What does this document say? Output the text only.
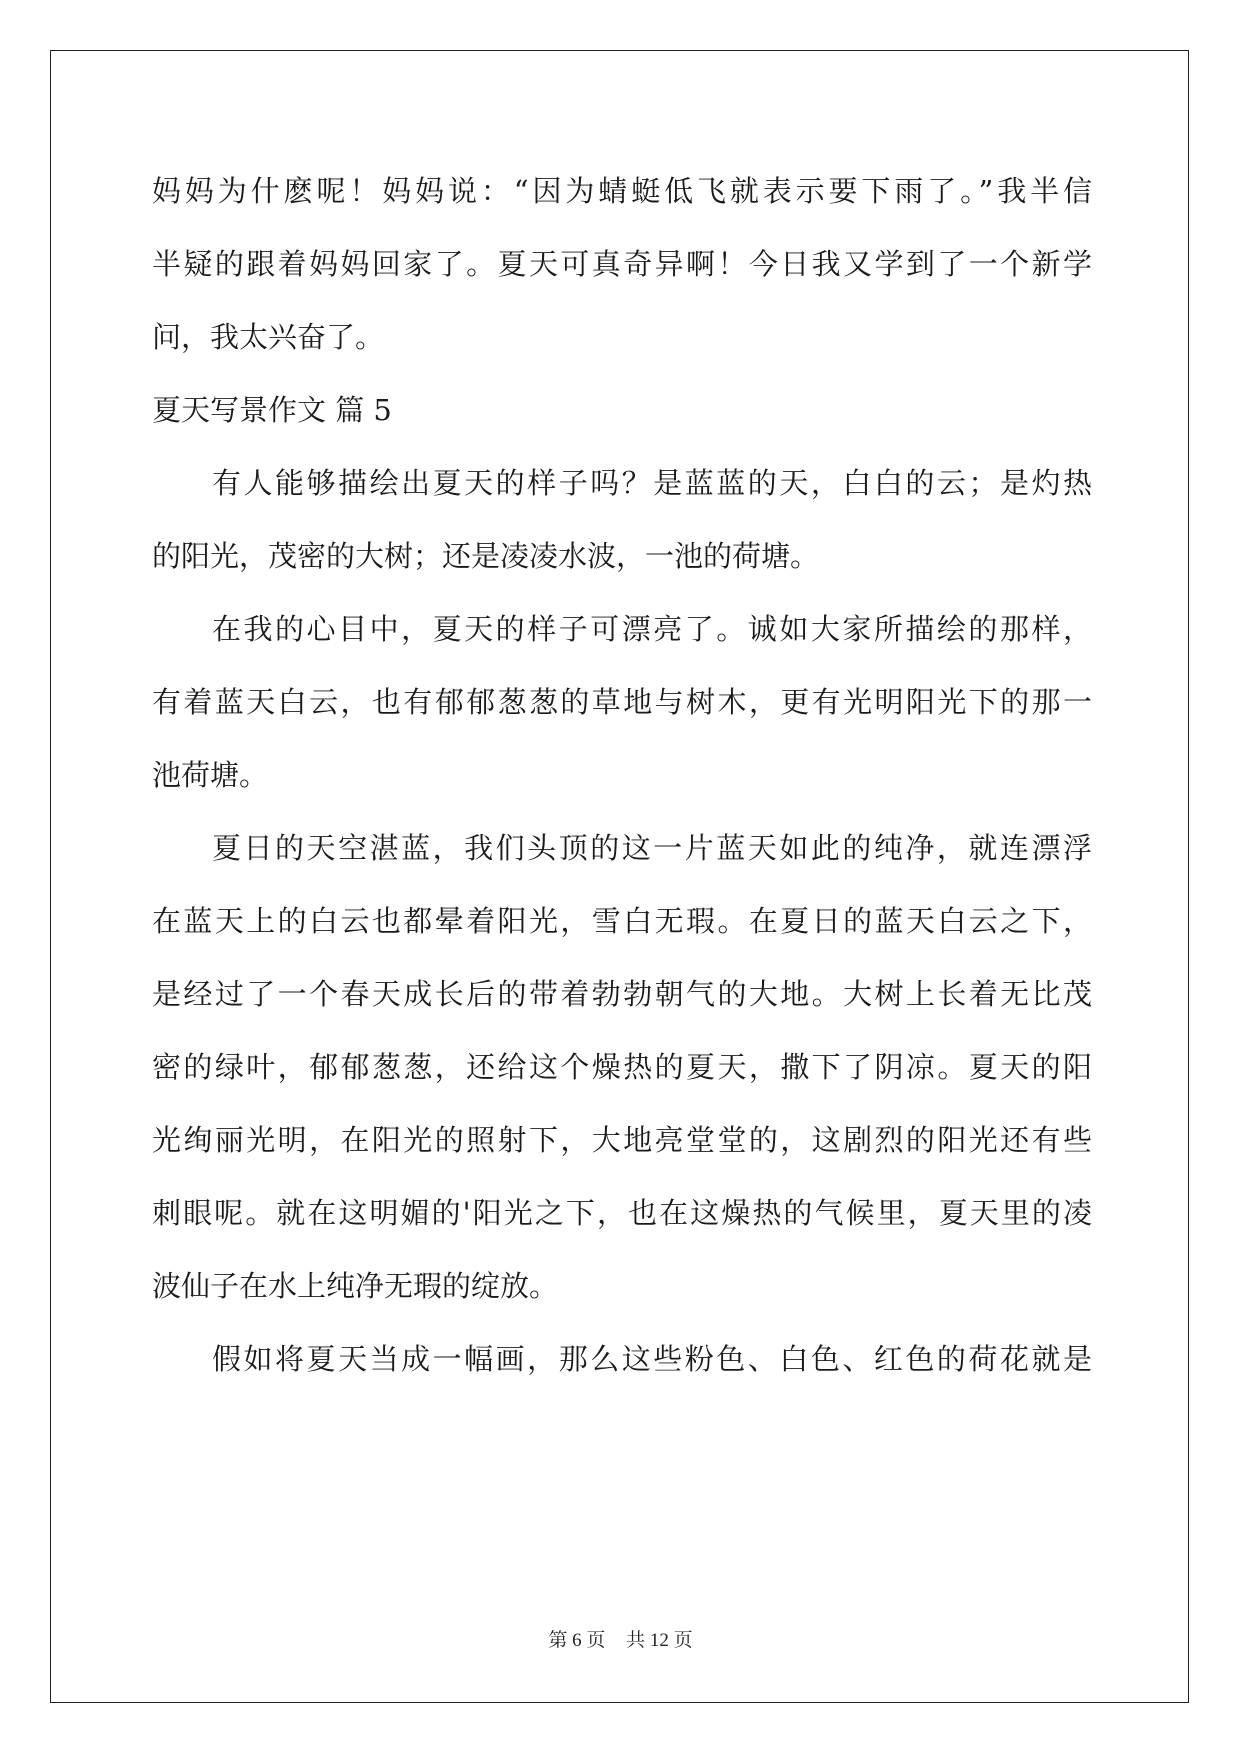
妈妈为什麽呢！妈妈说：“因为蜻蜓低飞就表示要下雨了。”我半信
半疑的跟着妈妈回家了。夏天可真奇异啊！今日我又学到了一个新学
问，我太兴奋了。
夏天写景作文 篇 5
有人能够描绘出夏天的样子吗？是蓝蓝的天，白白的云；是灼热
的阳光，茂密的大树；还是凌凌水波，一池的荷塘。
在我的心目中，夏天的样子可漂亮了。诚如大家所描绘的那样，
有着蓝天白云，也有郁郁葱葱的草地与树木，更有光明阳光下的那一
池荷塘。
夏日的天空湛蓝，我们头顶的这一片蓝天如此的纯净，就连漂浮
在蓝天上的白云也都晕着阳光，雪白无瑕。在夏日的蓝天白云之下，
是经过了一个春天成长后的带着勃勃朝气的大地。大树上长着无比茂
密的绿叶，郁郁葱葱，还给这个燥热的夏天，撒下了阴凉。夏天的阳
光绚丽光明，在阳光的照射下，大地亮堂堂的，这剧烈的阳光还有些
刺眼呢。就在这明媚的'阳光之下，也在这燥热的气候里，夏天里的凌
波仙子在水上纯净无瑕的绽放。
假如将夏天当成一幅画，那么这些粉色、白色、红色的荷花就是
第 6 页 共 12 页
